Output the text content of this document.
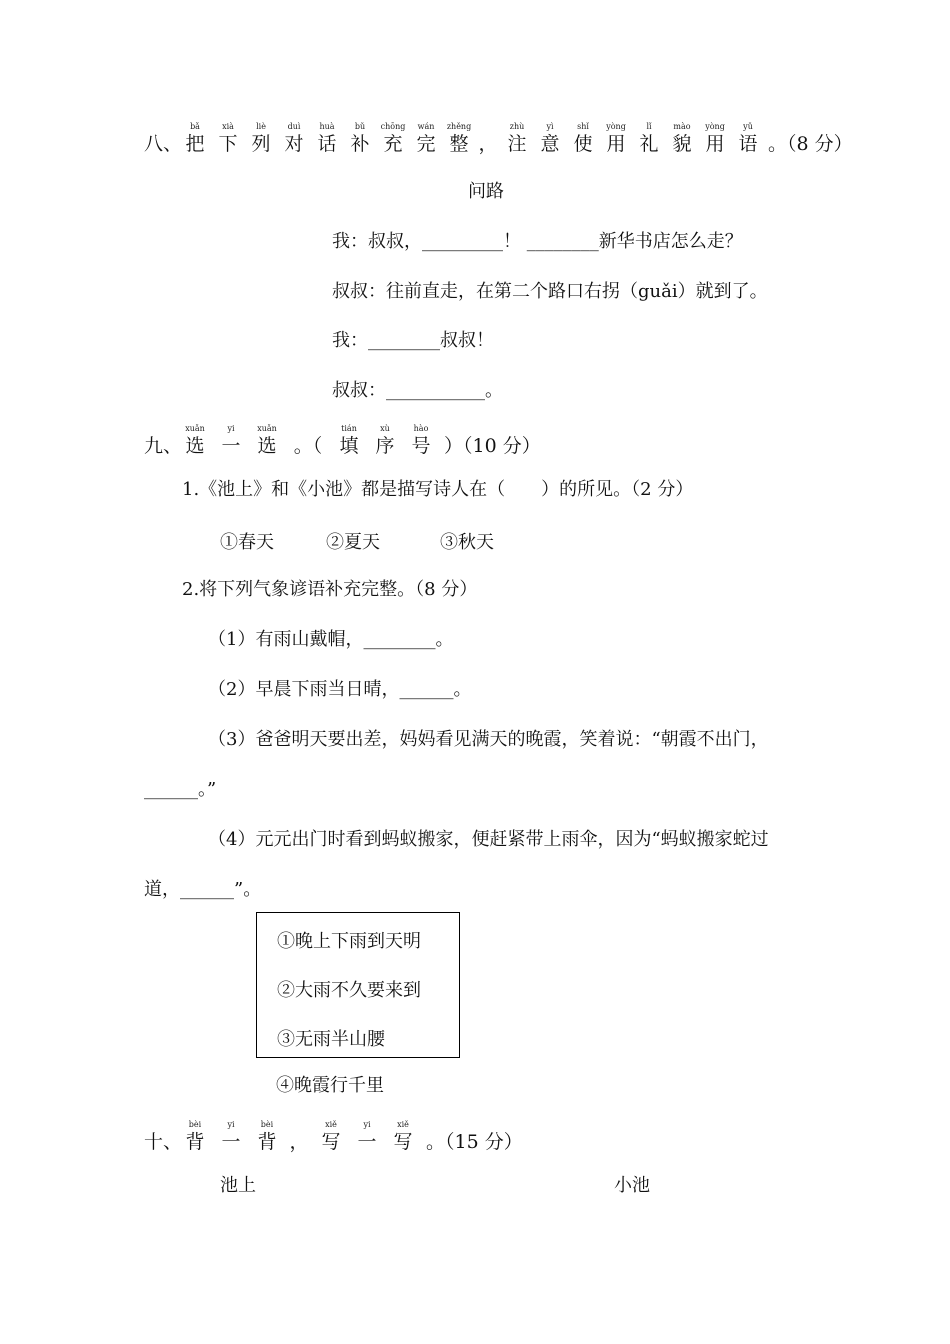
八、
bǎ
把
xià
下
liè
列
duì
对
huà
话
bǔ
补
chōng
充
wán
完
zhěng
整 ，
zhù
注
yì
意
shǐ
使
yòng
用
lǐ
礼
mào
貌
yòng
用
yǔ
语 。（8 分）
问路
我：叔叔，_________！ ________新华书店怎么走？
叔叔：往前直走，在第二个路口右拐（guǎi）就到了。
我：________叔叔！
叔叔：___________。
九、
xuǎn
选
yi
一
xuǎn
选 。（
tián
填
xù
序
hào
号 ）（10 分）
1.《池上》和《小池》都是描写诗人在（　　）的所见。（2 分）
①春天	②夏天	③秋天
2.将下列气象谚语补充完整。（8 分）
（1）有雨山戴帽，________。
（2）早晨下雨当日晴，______。
（3）爸爸明天要出差，妈妈看见满天的晚霞，笑着说：“朝霞不出门，
______。”
（4）元元出门时看到蚂蚁搬家，便赶紧带上雨伞，因为“蚂蚁搬家蛇过
道，______”。
①晚上下雨到天明
②大雨不久要来到
③无雨半山腰
④晚霞行千里
十、
bèi
背
yi
一
bèi
背 ，
xiě
写
yi
一
xiě
写 。（15 分）
池上	小池
